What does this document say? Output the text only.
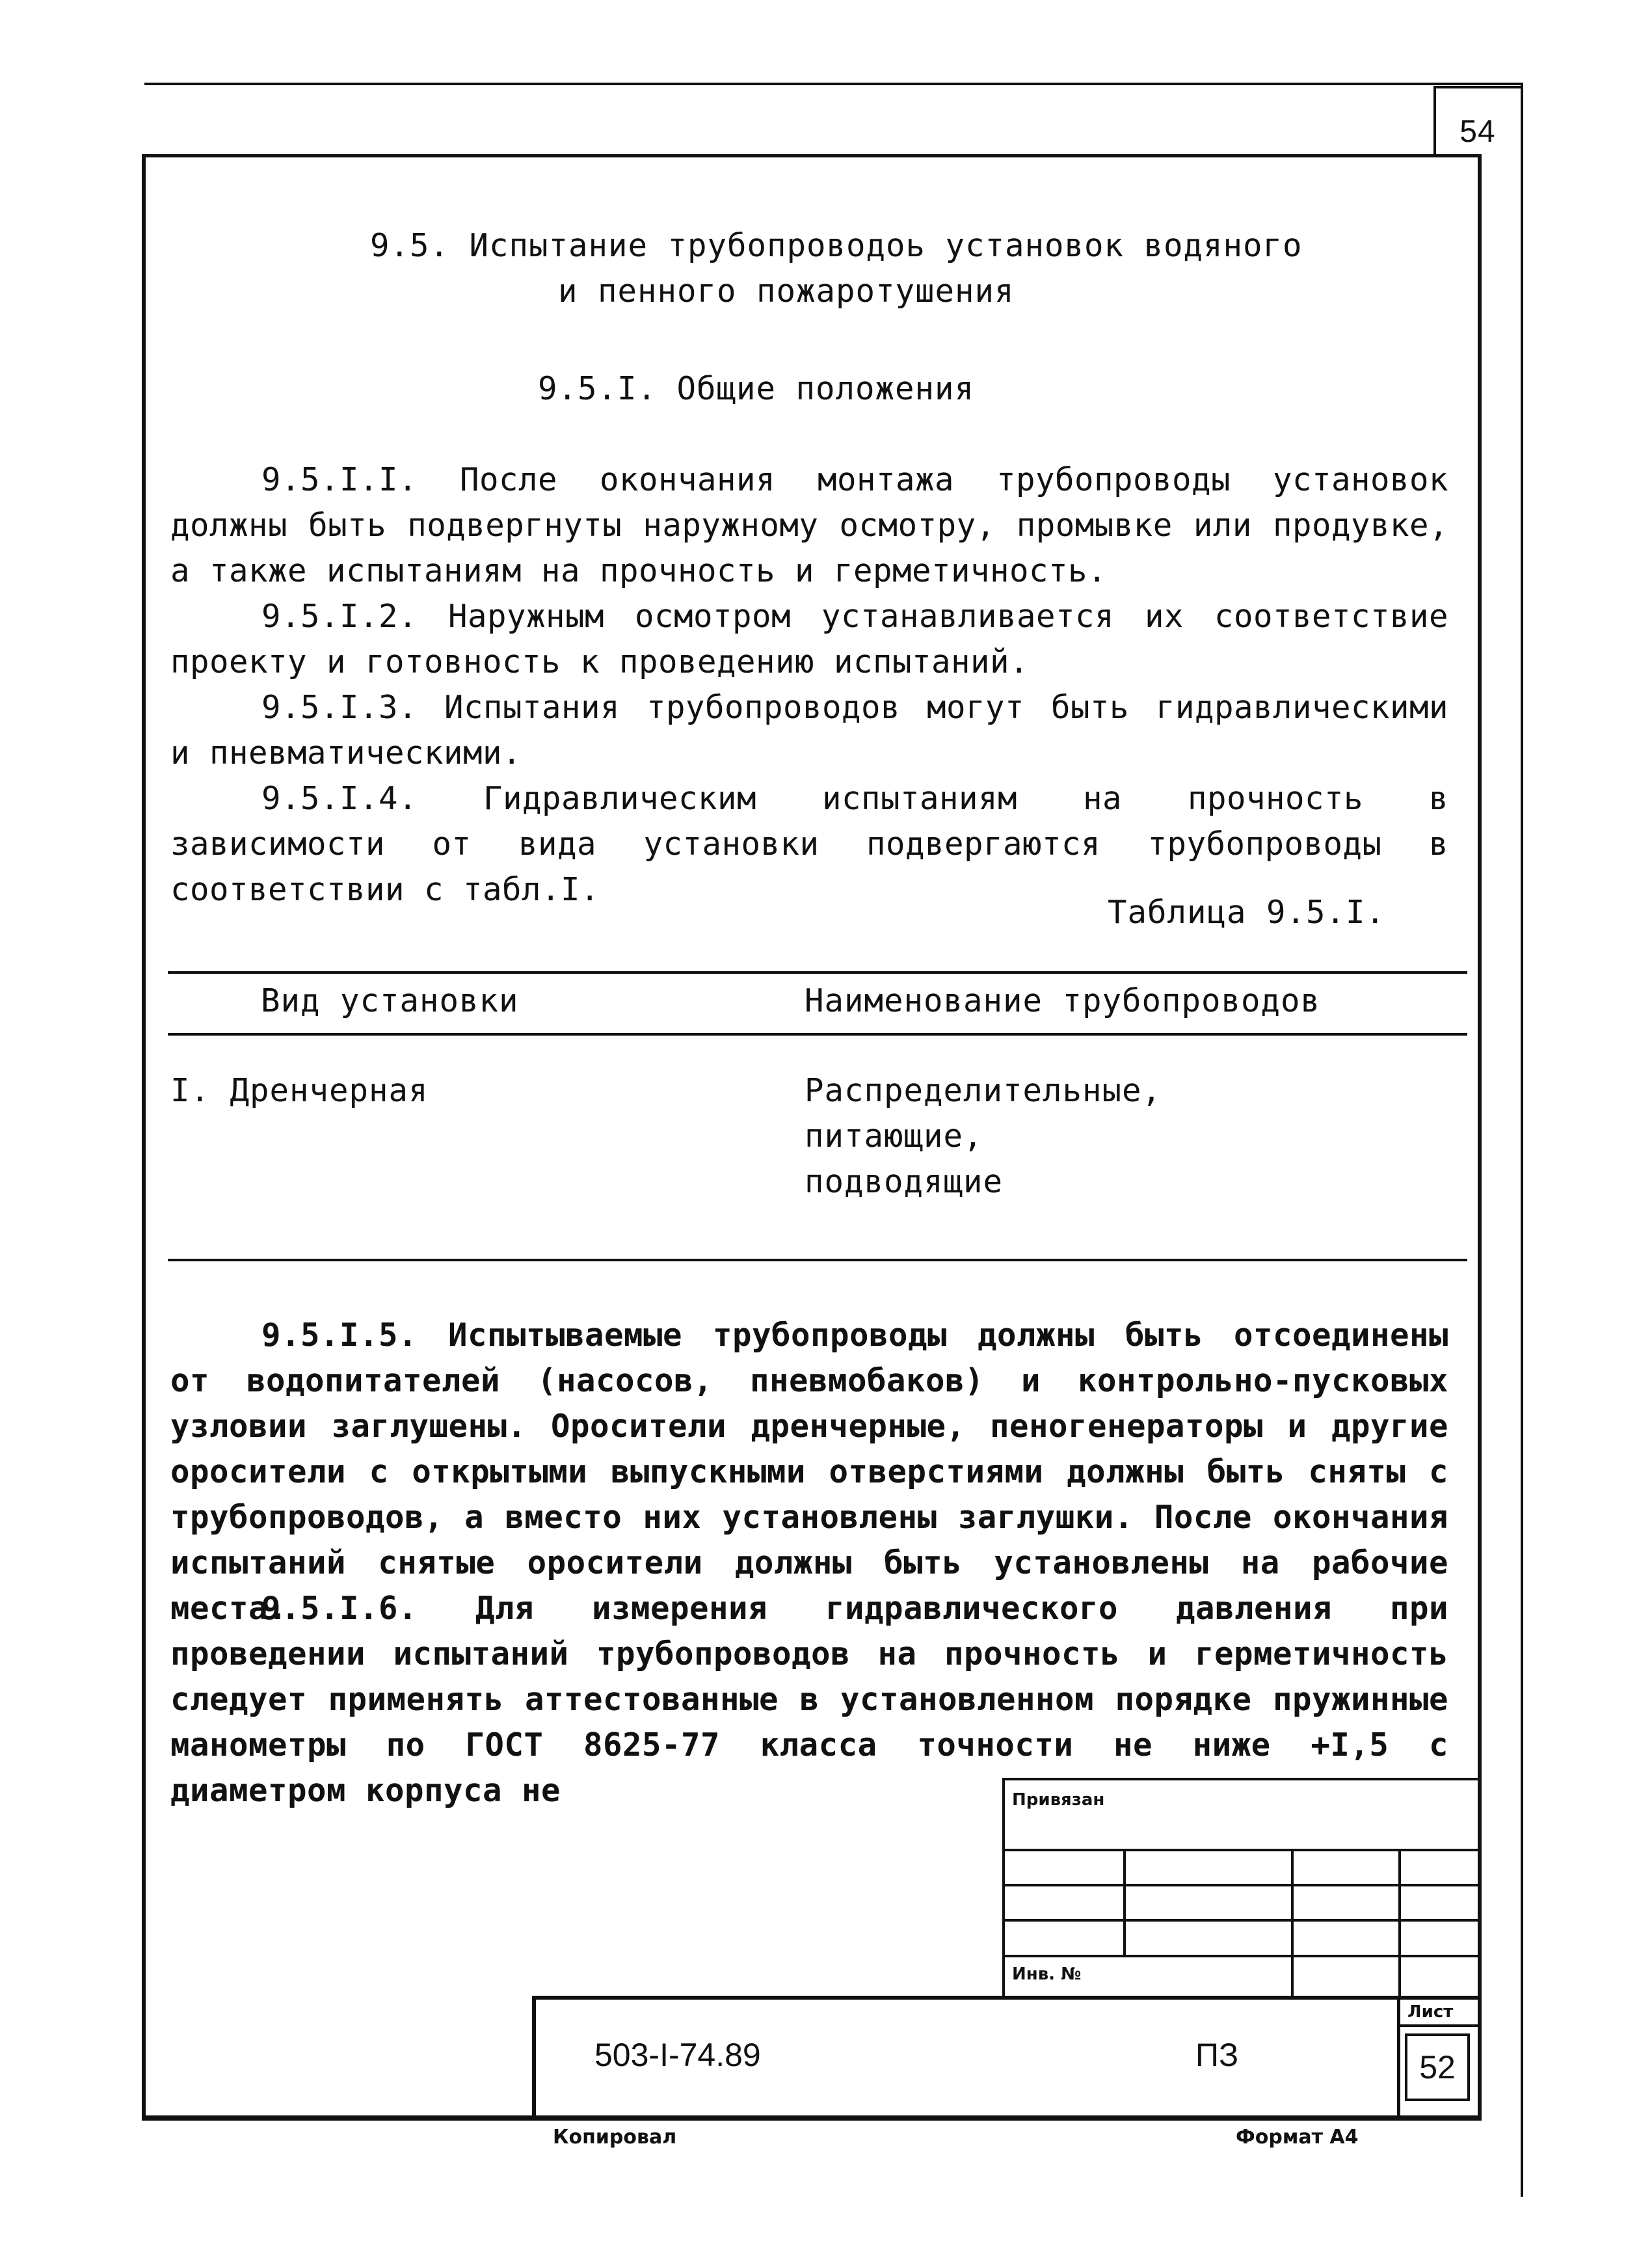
54
9.5. Испытание трубопроводоь установок водяного
и пенного пожаротушения
9.5.I. Общие положения
9.5.I.I. После окончания монтажа трубопроводы установок должны быть подвергнуты наружному осмотру, промывке или продувке, а также испытаниям на прочность и герметичность.
9.5.I.2. Наружным осмотром устанавливается их соответствие проекту и готовность к проведению испытаний.
9.5.I.3. Испытания трубопроводов могут быть гидравлическими и пневматическими.
9.5.I.4. Гидравлическим испытаниям на прочность в зависимости от вида установки подвергаются трубопроводы в соответствии с табл.I.
Таблица 9.5.I.
Вид установки	Наименование трубопроводов
I. Дренчерная	Распределительные,
питающие,
подводящие
9.5.I.5. Испытываемые трубопроводы должны быть отсоединены от водопитателей (насосов, пневмобаков) и контрольно-пусковых узловии заглушены. Оросители дренчерные, пеногенераторы и другие оросители с открытыми выпускными отверстиями должны быть сняты с трубопроводов, а вместо них установлены заглушки. После окончания испытаний снятые оросители должны быть установлены на рабочие места.
9.5.I.6. Для измерения гидравлического давления при проведении испытаний трубопроводов на прочность и герметичность следует применять аттестованные в установленном порядке пружинные манометры по ГОСТ 8625-77 класса точности не ниже +I,5 с диаметром корпуса не	Привязан
Инв. №
Лист
503-I-74.89	ПЗ	52
Копировал	Формат А4
